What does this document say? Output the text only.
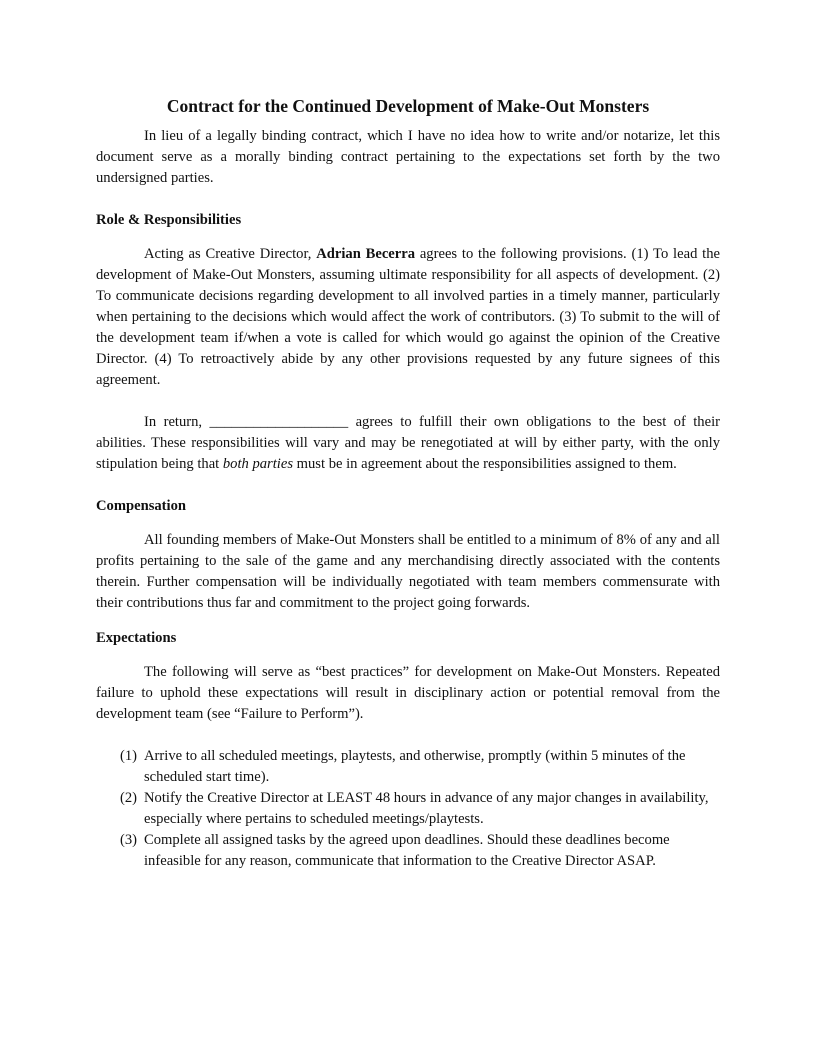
Contract for the Continued Development of Make-Out Monsters

In lieu of a legally binding contract, which I have no idea how to write and/or notarize, let this document serve as a morally binding contract pertaining to the expectations set forth by the two undersigned parties.

Role & Responsibilities

Acting as Creative Director, Adrian Becerra agrees to the following provisions. (1) To lead the development of Make-Out Monsters, assuming ultimate responsibility for all aspects of development. (2) To communicate decisions regarding development to all involved parties in a timely manner, particularly when pertaining to the decisions which would affect the work of contributors. (3) To submit to the will of the development team if/when a vote is called for which would go against the opinion of the Creative Director. (4) To retroactively abide by any other provisions requested by any future signees of this agreement.

In return, ___________________ agrees to fulfill their own obligations to the best of their abilities. These responsibilities will vary and may be renegotiated at will by either party, with the only stipulation being that both parties must be in agreement about the responsibilities assigned to them.

Compensation

All founding members of Make-Out Monsters shall be entitled to a minimum of 8% of any and all profits pertaining to the sale of the game and any merchandising directly associated with the contents therein. Further compensation will be individually negotiated with team members commensurate with their contributions thus far and commitment to the project going forwards.

Expectations

The following will serve as “best practices” for development on Make-Out Monsters. Repeated failure to uphold these expectations will result in disciplinary action or potential removal from the development team (see “Failure to Perform”).

(1) Arrive to all scheduled meetings, playtests, and otherwise, promptly (within 5 minutes of the scheduled start time).
(2) Notify the Creative Director at LEAST 48 hours in advance of any major changes in availability, especially where pertains to scheduled meetings/playtests.
(3) Complete all assigned tasks by the agreed upon deadlines. Should these deadlines become infeasible for any reason, communicate that information to the Creative Director ASAP.
